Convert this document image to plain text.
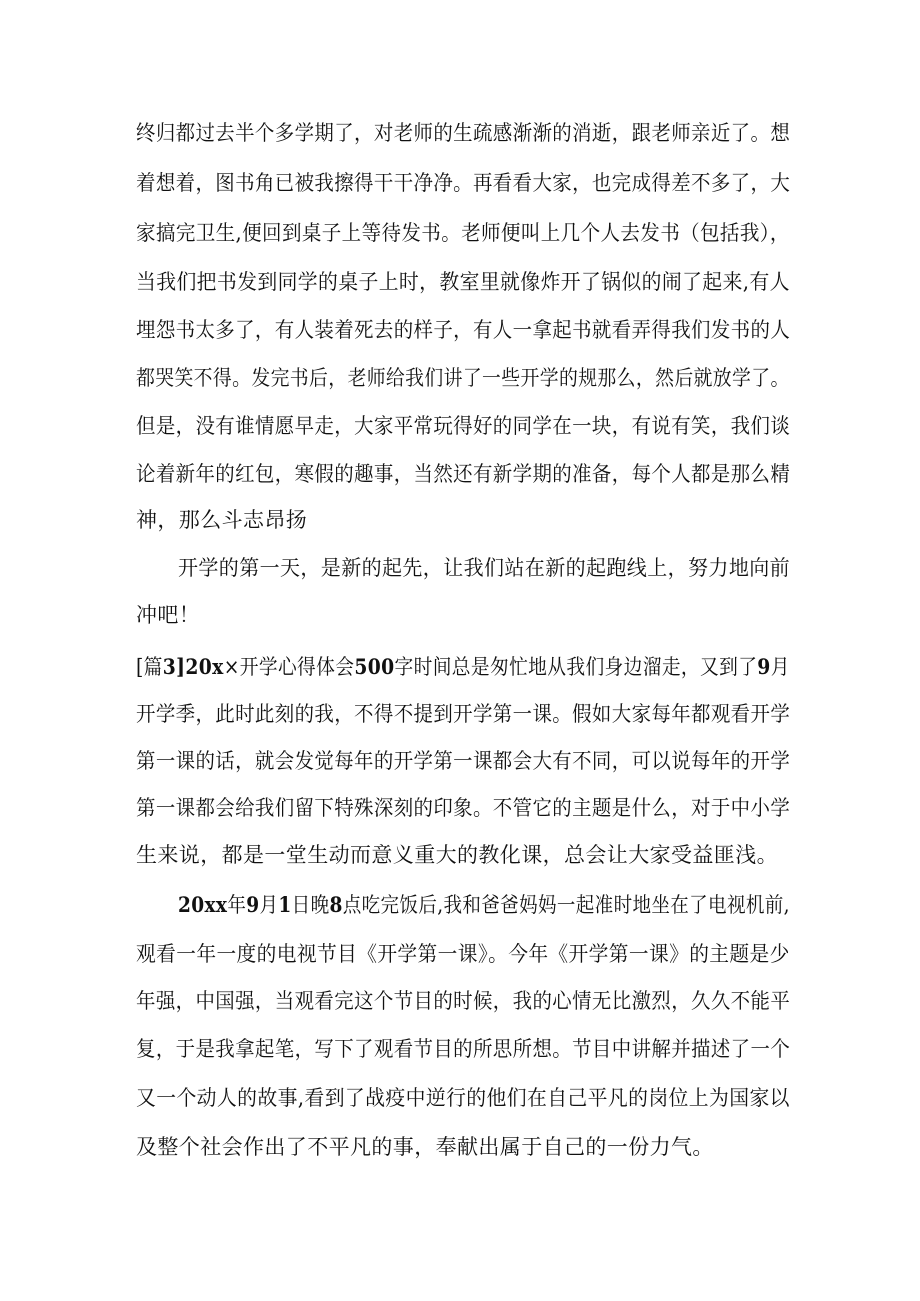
终归都过去半个多学期了，对老师的生疏感渐渐的消逝，跟老师亲近了。想
着想着，图书角已被我擦得干干净净。再看看大家，也完成得差不多了，大
家搞完卫生,便回到桌子上等待发书。老师便叫上几个人去发书（包括我），
当我们把书发到同学的桌子上时，教室里就像炸开了锅似的闹了起来,有人
埋怨书太多了，有人装着死去的样子，有人一拿起书就看弄得我们发书的人
都哭笑不得。发完书后，老师给我们讲了一些开学的规那么，然后就放学了。
但是，没有谁情愿早走，大家平常玩得好的同学在一块，有说有笑，我们谈
论着新年的红包，寒假的趣事，当然还有新学期的准备，每个人都是那么精
神，那么斗志昂扬
开学的第一天，是新的起先，让我们站在新的起跑线上，努力地向前
冲吧！
[篇3]20x×开学心得体会500字时间总是匆忙地从我们身边溜走，又到了9月
开学季，此时此刻的我，不得不提到开学第一课。假如大家每年都观看开学
第一课的话，就会发觉每年的开学第一课都会大有不同，可以说每年的开学
第一课都会给我们留下特殊深刻的印象。不管它的主题是什么，对于中小学
生来说，都是一堂生动而意义重大的教化课，总会让大家受益匪浅。
20xx年9月1日晚8点吃完饭后,我和爸爸妈妈一起准时地坐在了电视机前,
观看一年一度的电视节目《开学第一课》。今年《开学第一课》的主题是少
年强，中国强，当观看完这个节目的时候，我的心情无比激烈，久久不能平
复，于是我拿起笔，写下了观看节目的所思所想。节目中讲解并描述了一个
又一个动人的故事,看到了战疫中逆行的他们在自己平凡的岗位上为国家以
及整个社会作出了不平凡的事，奉献出属于自己的一份力气。
